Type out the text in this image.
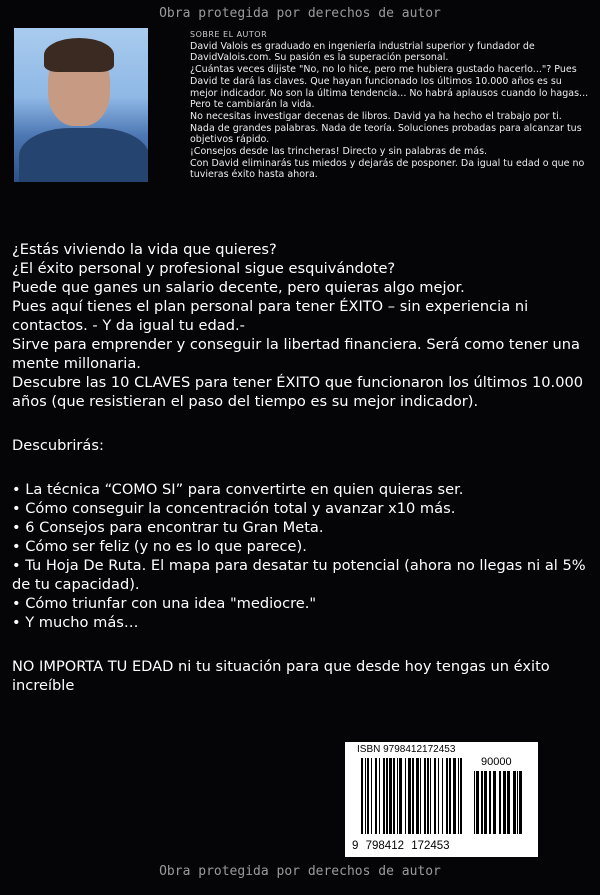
Obra protegida por derechos de autor
SOBRE EL AUTOR

David Valois es graduado en ingeniería industrial superior y fundador de DavidValois.com. Su pasión es la superación personal.

¿Cuántas veces dijiste "No, no lo hice, pero me hubiera gustado hacerlo..."? Pues David te dará las claves. Que hayan funcionado los últimos 10.000 años es su mejor indicador. No son la última tendencia... No habrá aplausos cuando lo hagas... Pero te cambiarán la vida.

No necesitas investigar decenas de libros. David ya ha hecho el trabajo por ti.

Nada de grandes palabras. Nada de teoría. Soluciones probadas para alcanzar tus objetivos rápido.

¡Consejos desde las trincheras! Directo y sin palabras de más.

Con David eliminarás tus miedos y dejarás de posponer. Da igual tu edad o que no tuvieras éxito hasta ahora.

¿Estás viviendo la vida que quieres?

¿El éxito personal y profesional sigue esquivándote?

Puede que ganes un salario decente, pero quieras algo mejor.

Pues aquí tienes el plan personal para tener ÉXITO – sin experiencia ni contactos. - Y da igual tu edad.-

Sirve para emprender y conseguir la libertad financiera. Será como tener una mente millonaria.

Descubre las 10 CLAVES para tener ÉXITO que funcionaron los últimos 10.000 años (que resistieran el paso del tiempo es su mejor indicador).

Descubrirás:

• La técnica “COMO SI” para convertirte en quien quieras ser.

• Cómo conseguir la concentración total y avanzar x10 más.

• 6 Consejos para encontrar tu Gran Meta.

• Cómo ser feliz (y no es lo que parece).

• Tu Hoja De Ruta. El mapa para desatar tu potencial (ahora no llegas ni al 5% de tu capacidad).

• Cómo triunfar con una idea "mediocre."

• Y mucho más…

NO IMPORTA TU EDAD ni tu situación para que desde hoy tengas un éxito increíble

ISBN 9798412172453
90000
9 798412 172453
Obra protegida por derechos de autor
